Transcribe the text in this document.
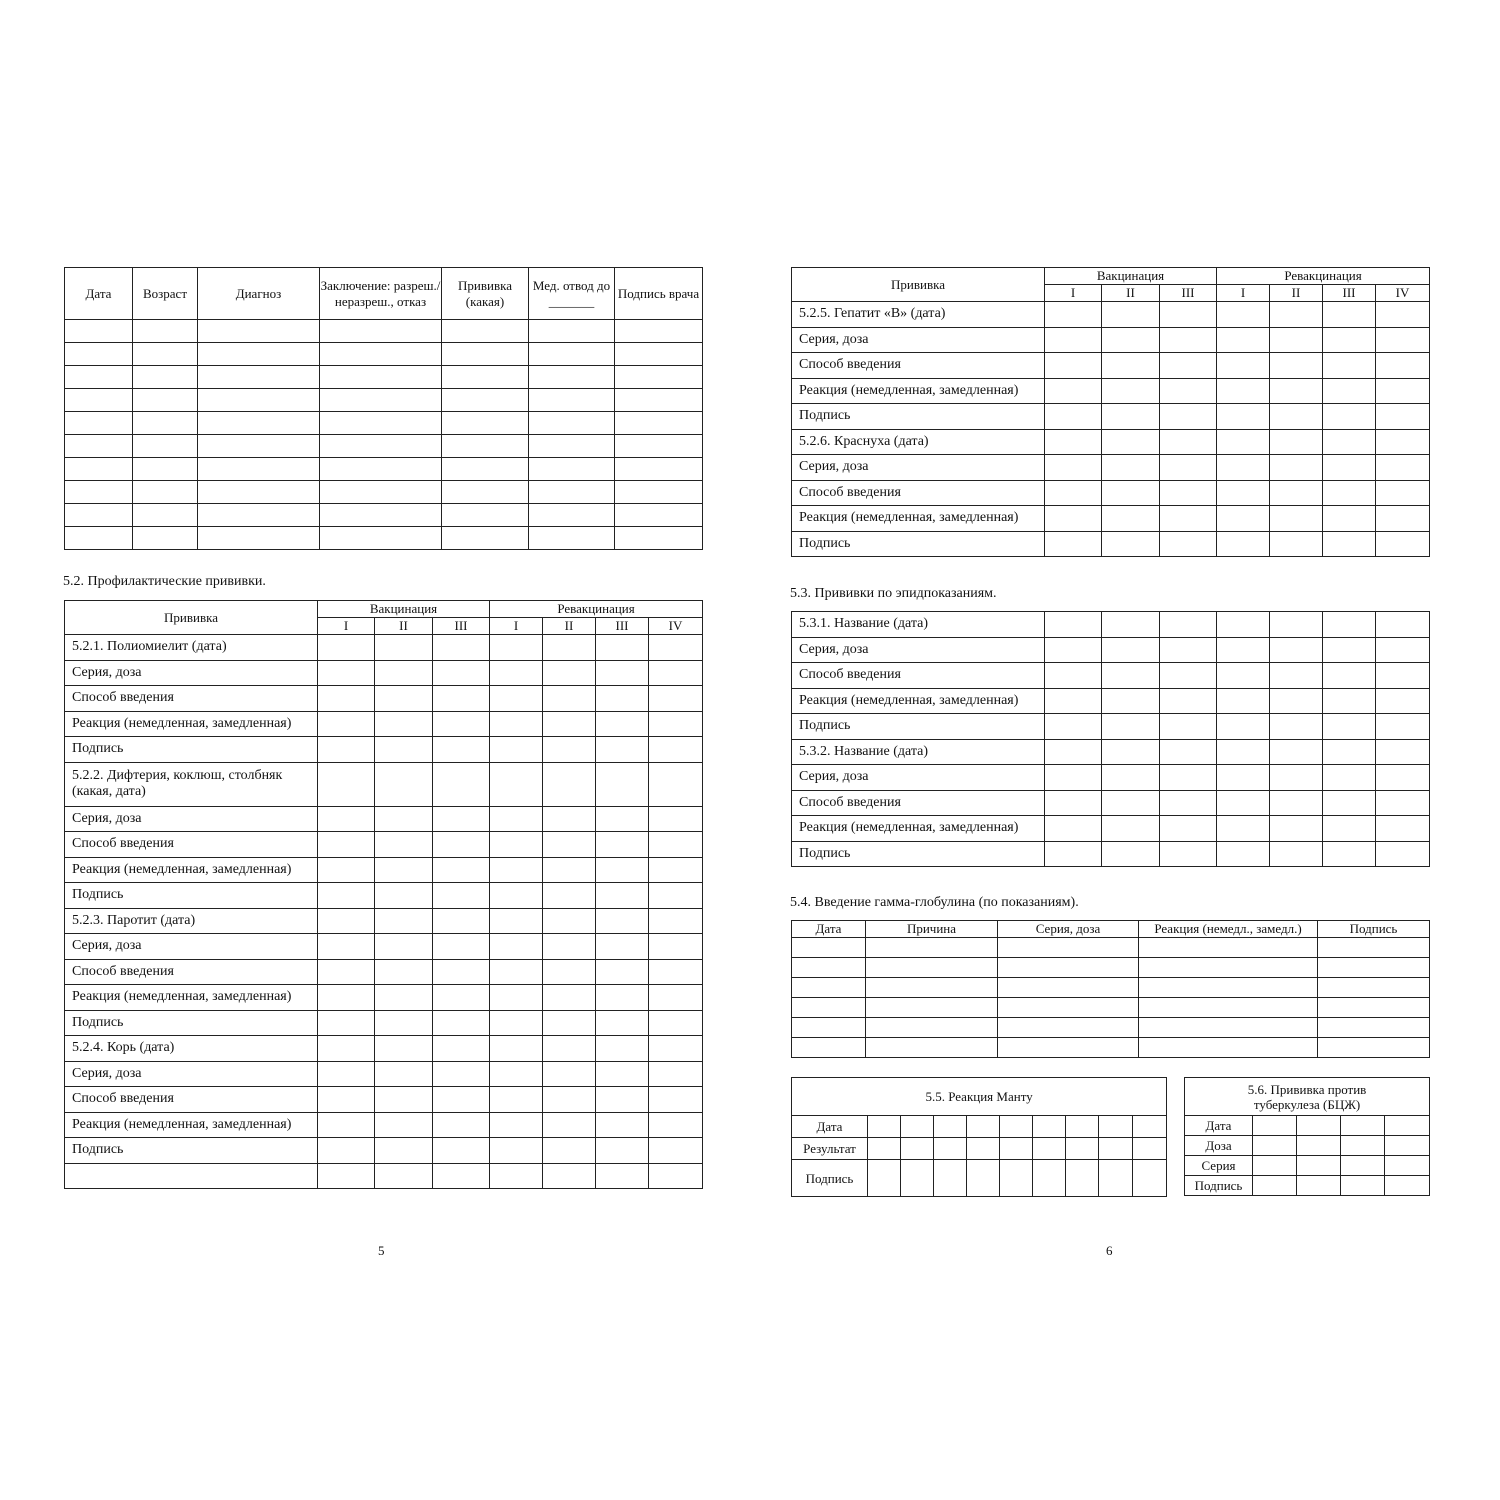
Дата	Возраст	Диагноз	Заключение: разреш./неразреш., отказ	Прививка (какая)	Мед. отвод до _______	Подпись врача

5.2. Профилактические прививки.

Прививка	Вакцинация			Ревакцинация			
	I	II	III	I	II	III	IV
5.2.1. Полиомиелит (дата)							
Серия, доза							
Способ введения							
Реакция (немедленная, замедленная)							
Подпись							
5.2.2. Дифтерия, коклюш, столбняк (какая, дата)							
Серия, доза							
Способ введения							
Реакция (немедленная, замедленная)							
Подпись							
5.2.3. Паротит (дата)							
Серия, доза							
Способ введения							
Реакция (немедленная, замедленная)							
Подпись							
5.2.4. Корь (дата)							
Серия, доза							
Способ введения							
Реакция (немедленная, замедленная)							
Подпись							

5
Прививка	Вакцинация			Ревакцинация			
	I	II	III	I	II	III	IV
5.2.5. Гепатит «В» (дата)							
Серия, доза							
Способ введения							
Реакция (немедленная, замедленная)							
Подпись							
5.2.6. Краснуха (дата)							
Серия, доза							
Способ введения							
Реакция (немедленная, замедленная)							
Подпись							

5.3. Прививки по эпидпоказаниям.

5.3.1. Название (дата)							
Серия, доза							
Способ введения							
Реакция (немедленная, замедленная)							
Подпись							
5.3.2. Название (дата)							
Серия, доза							
Способ введения							
Реакция (немедленная, замедленная)							
Подпись							

5.4. Введение гамма-глобулина (по показаниям).

Дата	Причина	Серия, доза	Реакция (немедл., замедл.)	Подпись

5.5. Реакция Манту									
Дата									
Результат									
Подпись									
5.6. Прививка против туберкулеза (БЦЖ)				
Дата				
Доза				
Серия				
Подпись				
6
